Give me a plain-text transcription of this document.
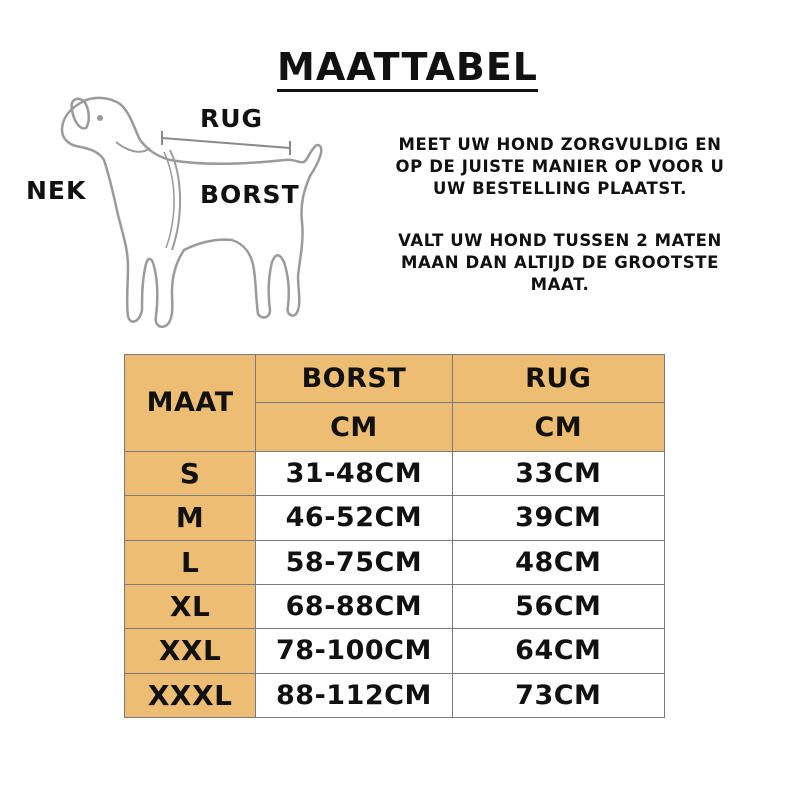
MAATTABEL
RUG
NEK	BORST
MEET UW HOND ZORGVULDIG EN
OP DE JUISTE MANIER OP VOOR U
UW BESTELLING PLAATST.
VALT UW HOND TUSSEN 2 MATEN
MAAN DAN ALTIJD DE GROOTSTE
MAAT.
MAAT	BORST	RUG
	CM	CM
S	31-48CM	33CM
M	46-52CM	39CM
L	58-75CM	48CM
XL	68-88CM	56CM
XXL	78-100CM	64CM
XXXL	88-112CM	73CM
